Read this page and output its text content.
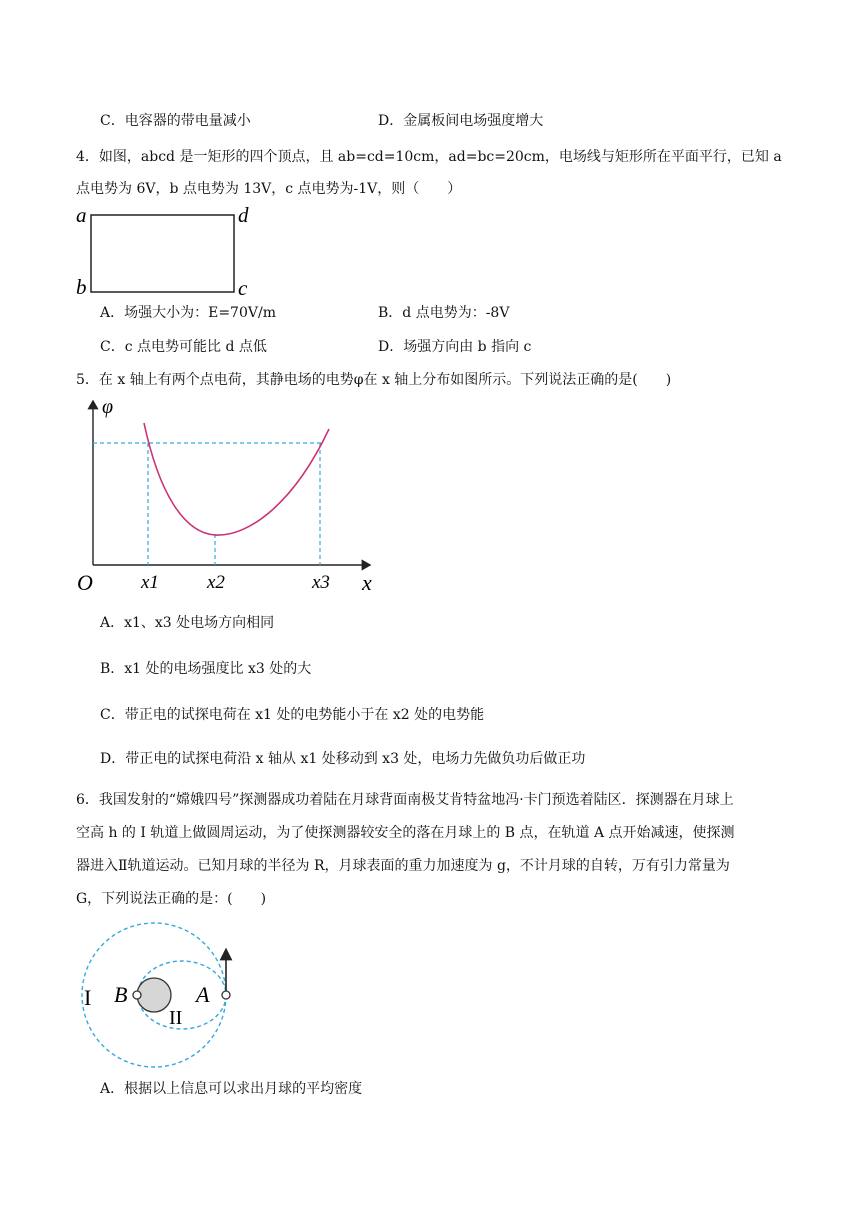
C．电容器的带电量减小	D．金属板间电场强度增大
4．如图，abcd 是一矩形的四个顶点，且 ab=cd=10cm，ad=bc=20cm，电场线与矩形所在平面平行，已知 a
点电势为 6V，b 点电势为 13V，c 点电势为-1V，则（　　）
a	d
b	c
A．场强大小为：E=70V/m	B．d 点电势为：-8V
C．c 点电势可能比 d 点低	D．场强方向由 b 指向 c
5．在 x 轴上有两个点电荷，其静电场的电势φ在 x 轴上分布如图所示。下列说法正确的是(　　)
φ
O	x
x1	x2	x3
A．x1、x3 处电场方向相同
B．x1 处的电场强度比 x3 处的大
C．带正电的试探电荷在 x1 处的电势能小于在 x2 处的电势能
D．带正电的试探电荷沿 x 轴从 x1 处移动到 x3 处，电场力先做负功后做正功
6．我国发射的“嫦娥四号”探测器成功着陆在月球背面南极艾肯特盆地冯·卡门预选着陆区．探测器在月球上
空高 h 的 I 轨道上做圆周运动，为了使探测器较安全的落在月球上的 B 点，在轨道 A 点开始减速，使探测
器进入Ⅱ轨道运动。已知月球的半径为 R，月球表面的重力加速度为 g，不计月球的自转，万有引力常量为
G，下列说法正确的是：(　　)
I B	A
II
A．根据以上信息可以求出月球的平均密度
